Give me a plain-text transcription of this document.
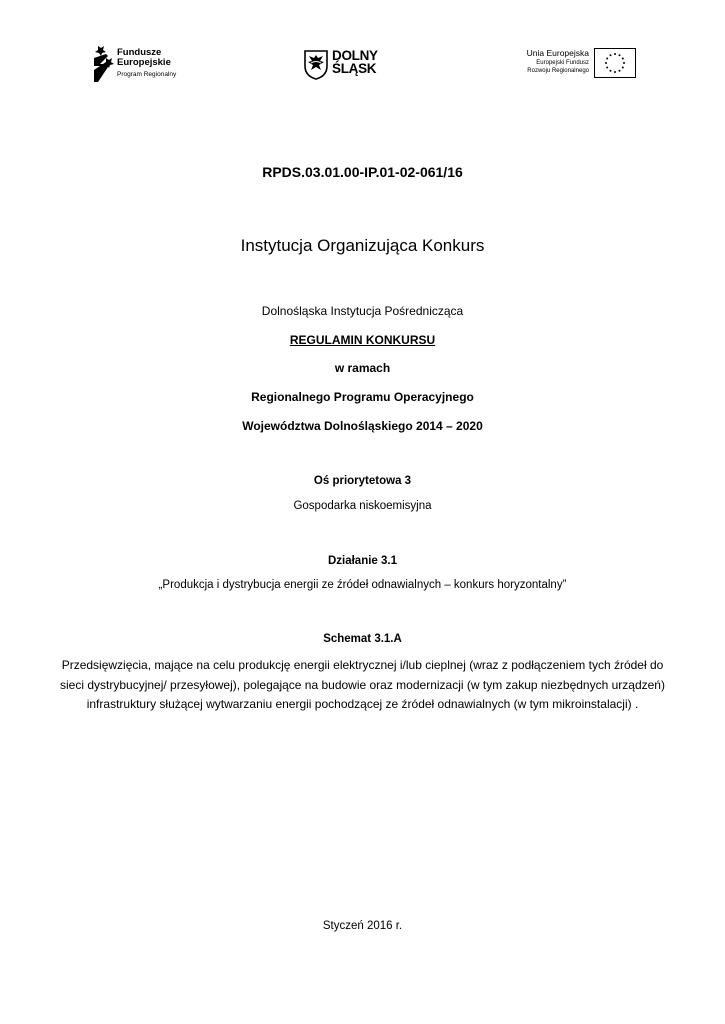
Fundusze
Europejskie
Program Regionalny
DOLNY
ŚLĄSK
Unia Europejska
Europejski Fundusz
Rozwoju Regionalnego
RPDS.03.01.00-IP.01-02-061/16
Instytucja Organizująca Konkurs
Dolnośląska Instytucja Pośrednicząca
REGULAMIN KONKURSU
w ramach
Regionalnego Programu Operacyjnego
Województwa Dolnośląskiego 2014 – 2020
Oś priorytetowa 3
Gospodarka niskoemisyjna
Działanie 3.1
„Produkcja i dystrybucja energii ze źródeł odnawialnych – konkurs horyzontalny”
Schemat 3.1.A
Przedsięwzięcia, mające na celu produkcję energii elektrycznej i/lub cieplnej (wraz z podłączeniem tych źródeł do
sieci dystrybucyjnej/ przesyłowej), polegające na budowie oraz modernizacji (w tym zakup niezbędnych urządzeń)
infrastruktury służącej wytwarzaniu energii pochodzącej ze źródeł odnawialnych (w tym mikroinstalacji) .
Styczeń 2016 r.
